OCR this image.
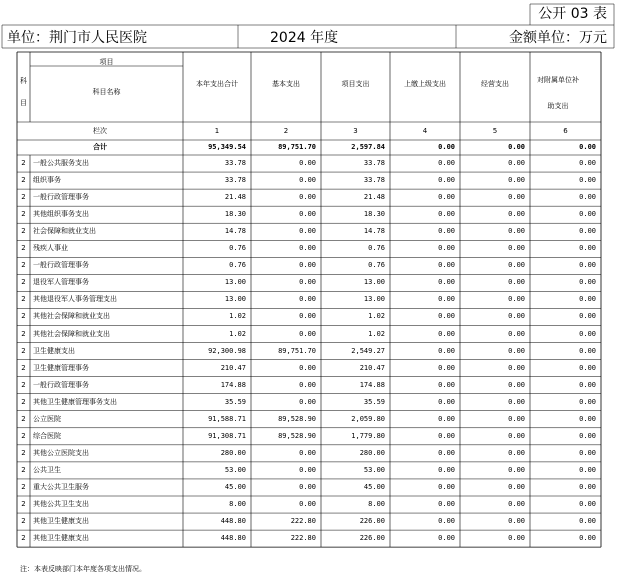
公开 03 表
单位：荆门市人民医院	2024 年度	金额单位：万元
项目
科目
科目名称
本年支出合计	基本支出	项目支出	上缴上级支出	经营支出	对附属单位补助支出
栏次	1	2	3	4	5	6
合计	95,349.54	89,751.70	2,597.84	0.00	0.00	0.00
2	一般公共服务支出	33.78	0.00	33.78	0.00	0.00	0.00
2	组织事务	33.78	0.00	33.78	0.00	0.00	0.00
2	一般行政管理事务	21.48	0.00	21.48	0.00	0.00	0.00
2	其他组织事务支出	18.30	0.00	18.30	0.00	0.00	0.00
2	社会保障和就业支出	14.78	0.00	14.78	0.00	0.00	0.00
2	残疾人事业	0.76	0.00	0.76	0.00	0.00	0.00
2	一般行政管理事务	0.76	0.00	0.76	0.00	0.00	0.00
2	退役军人管理事务	13.00	0.00	13.00	0.00	0.00	0.00
2	其他退役军人事务管理支出	13.00	0.00	13.00	0.00	0.00	0.00
2	其他社会保障和就业支出	1.02	0.00	1.02	0.00	0.00	0.00
2	其他社会保障和就业支出	1.02	0.00	1.02	0.00	0.00	0.00
2	卫生健康支出	92,300.98	89,751.70	2,549.27	0.00	0.00	0.00
2	卫生健康管理事务	210.47	0.00	210.47	0.00	0.00	0.00
2	一般行政管理事务	174.88	0.00	174.88	0.00	0.00	0.00
2	其他卫生健康管理事务支出	35.59	0.00	35.59	0.00	0.00	0.00
2	公立医院	91,588.71	89,528.90	2,059.80	0.00	0.00	0.00
2	综合医院	91,308.71	89,528.90	1,779.80	0.00	0.00	0.00
2	其他公立医院支出	280.00	0.00	280.00	0.00	0.00	0.00
2	公共卫生	53.00	0.00	53.00	0.00	0.00	0.00
2	重大公共卫生服务	45.00	0.00	45.00	0.00	0.00	0.00
2	其他公共卫生支出	8.00	0.00	8.00	0.00	0.00	0.00
2	其他卫生健康支出	448.80	222.80	226.00	0.00	0.00	0.00
2	其他卫生健康支出	448.80	222.80	226.00	0.00	0.00	0.00
注：本表反映部门本年度各项支出情况。
